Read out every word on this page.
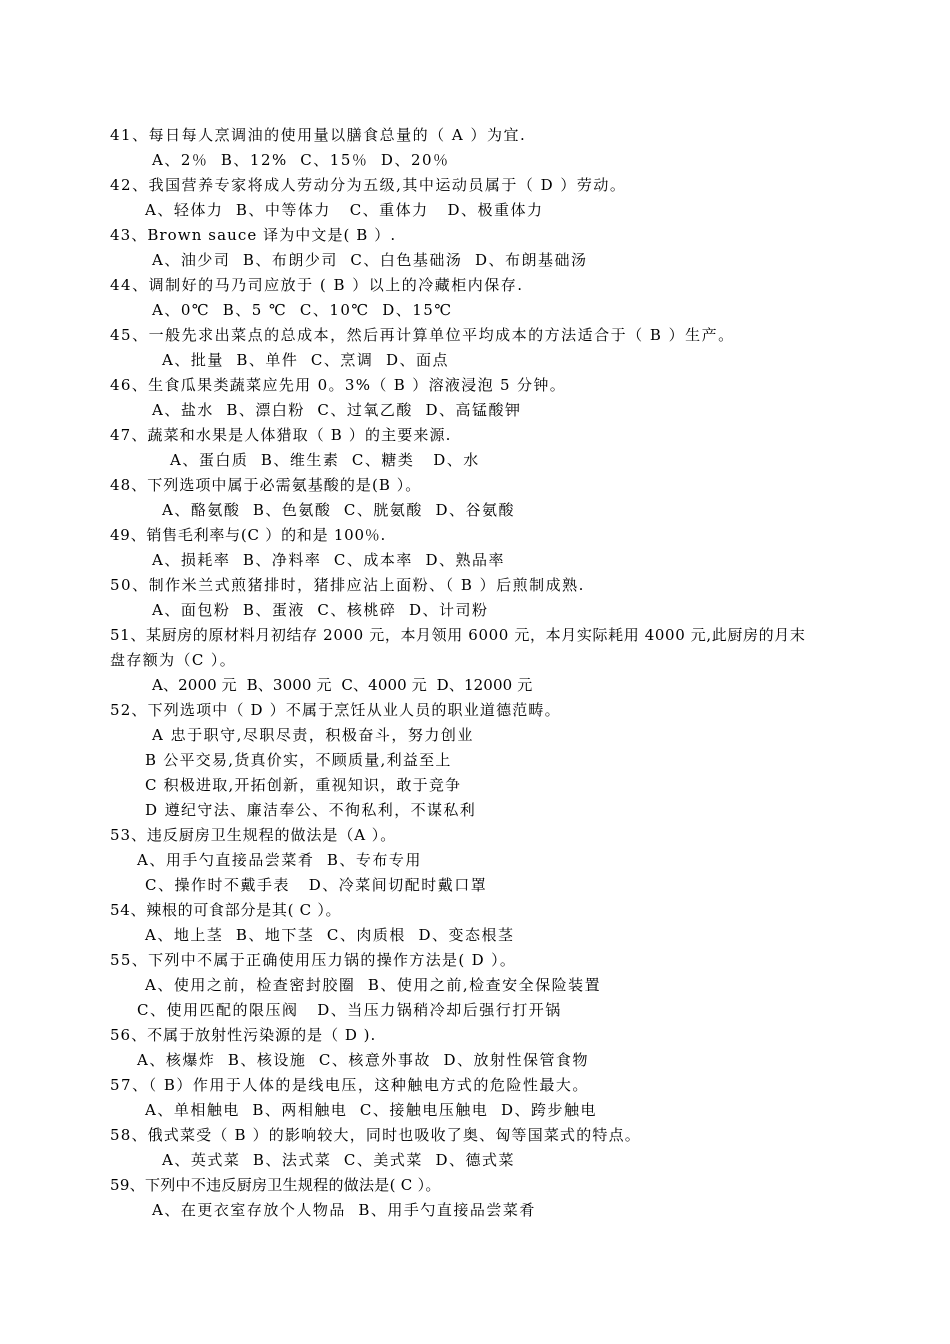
41、每日每人烹调油的使用量以膳食总量的（ A ）为宜.
A、2％  B、12%  C、15％  D、20％
42、我国营养专家将成人劳动分为五级,其中运动员属于（ D ）劳动。
A、轻体力  B、中等体力   C、重体力   D、极重体力
43、Brown sauce 译为中文是( B ）.
A、油少司  B、布朗少司  C、白色基础汤  D、布朗基础汤
44、调制好的马乃司应放于 ( B ）以上的冷藏柜内保存.
A、0℃  B、5 ℃  C、10℃  D、15℃
45、一般先求出菜点的总成本，然后再计算单位平均成本的方法适合于（ B ）生产。
A、批量  B、单件  C、烹调  D、面点
46、生食瓜果类蔬菜应先用 0。3%（ B ）溶液浸泡 5 分钟。
A、盐水  B、漂白粉  C、过氧乙酸  D、高锰酸钾
47、蔬菜和水果是人体猎取（ B ）的主要来源.
A、蛋白质  B、维生素  C、糖类   D、水
48、下列选项中属于必需氨基酸的是(B ）。
A、酪氨酸  B、色氨酸  C、胱氨酸  D、谷氨酸
49、销售毛利率与(C ）的和是 100％.
A、损耗率  B、净料率  C、成本率  D、熟品率
50、制作米兰式煎猪排时，猪排应沾上面粉、（ B ）后煎制成熟.
A、面包粉  B、蛋液  C、核桃碎  D、计司粉
51、某厨房的原材料月初结存 2000 元，本月领用 6000 元，本月实际耗用 4000 元,此厨房的月末
盘存额为（C ）。
A、2000 元  B、3000 元  C、4000 元  D、12000 元
52、下列选项中（ D ）不属于烹饪从业人员的职业道德范畴。
A 忠于职守,尽职尽责，积极奋斗，努力创业
B 公平交易,货真价实，不顾质量,利益至上
C 积极进取,开拓创新，重视知识，敢于竞争
D 遵纪守法、廉洁奉公、不徇私利，不谋私利
53、违反厨房卫生规程的做法是（A ）。
A、用手勺直接品尝菜肴  B、专布专用
C、操作时不戴手表   D、冷菜间切配时戴口罩
54、辣根的可食部分是其( C ）。
A、地上茎  B、地下茎  C、肉质根  D、变态根茎
55、下列中不属于正确使用压力锅的操作方法是( D ）。
A、使用之前，检查密封胶圈  B、使用之前,检查安全保险装置
C、使用匹配的限压阀   D、当压力锅稍冷却后强行打开锅
56、不属于放射性污染源的是（ D ).
A、核爆炸  B、核设施  C、核意外事故  D、放射性保管食物
57、（ B）作用于人体的是线电压，这种触电方式的危险性最大。
A、单相触电  B、两相触电  C、接触电压触电  D、跨步触电
58、俄式菜受（ B ）的影响较大，同时也吸收了奥、匈等国菜式的特点。
A、英式菜  B、法式菜  C、美式菜  D、德式菜
59、下列中不违反厨房卫生规程的做法是( C ）。
A、在更衣室存放个人物品  B、用手勺直接品尝菜肴
